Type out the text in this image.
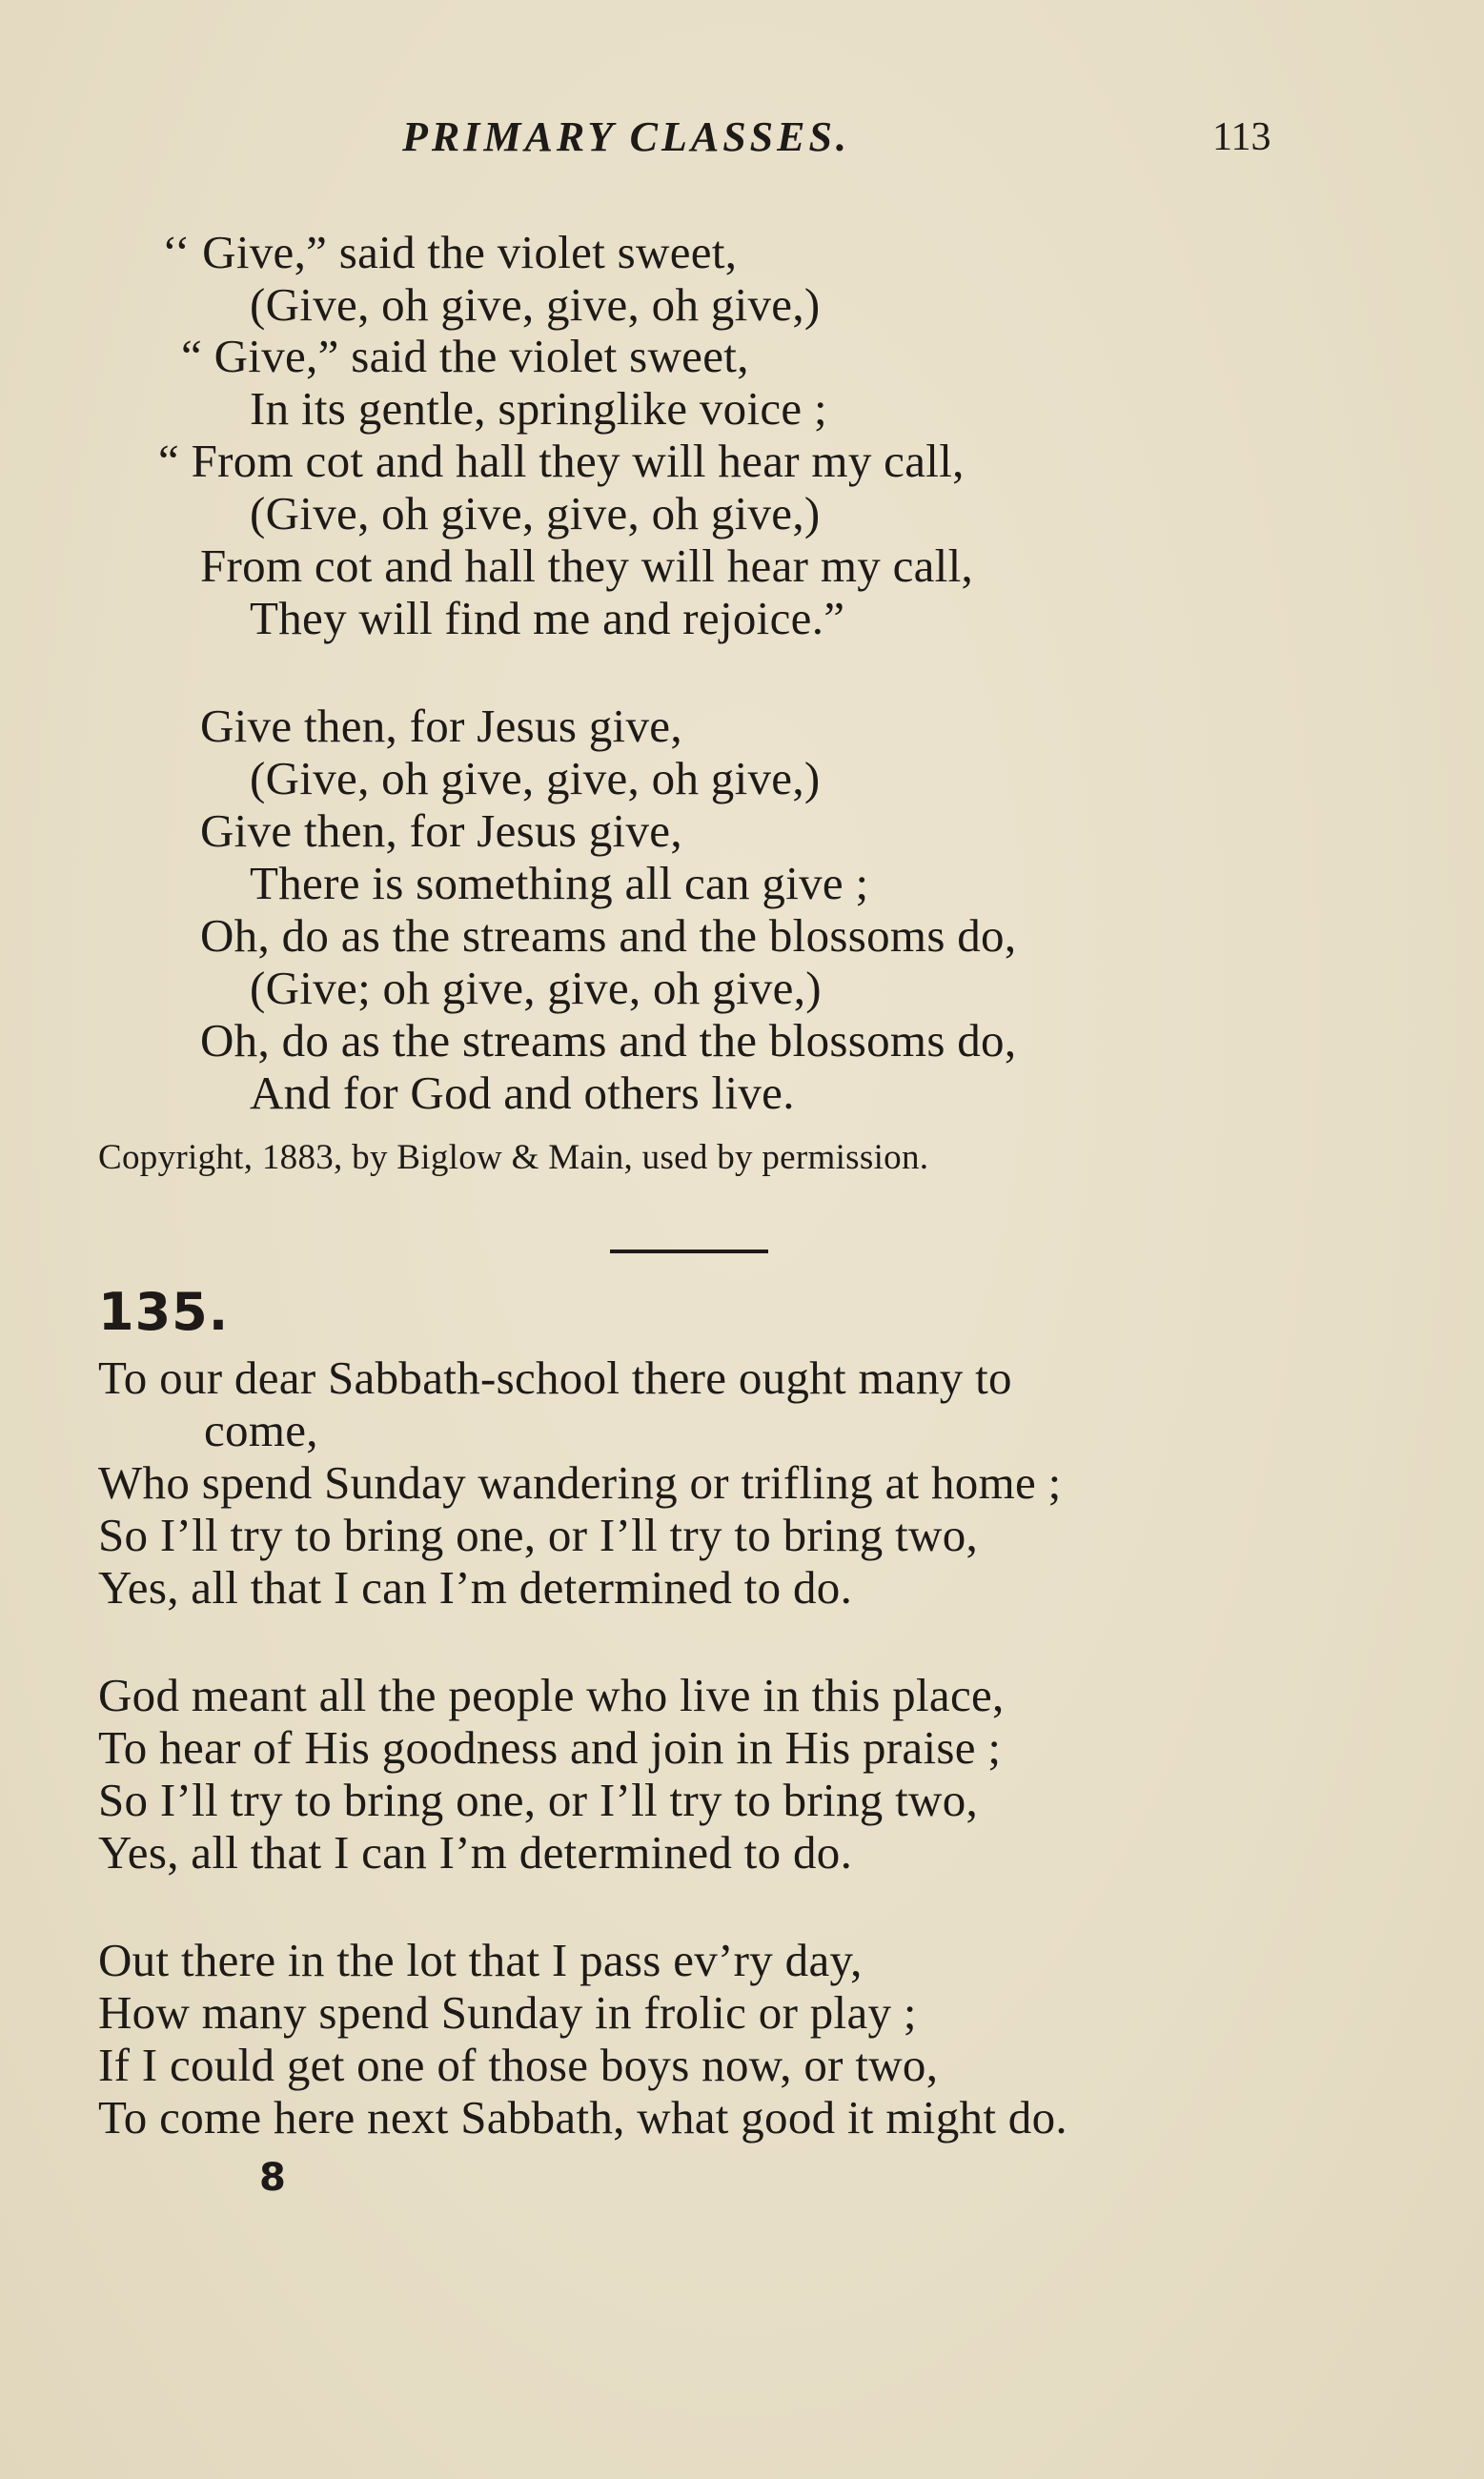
PRIMARY CLASSES.	113
‘‘ Give,” said the violet sweet,
(Give, oh give, give, oh give,)
“ Give,” said the violet sweet,
In its gentle, springlike voice ;
“ From cot and hall they will hear my call,
(Give, oh give, give, oh give,)
From cot and hall they will hear my call,
They will find me and rejoice.”
Give then, for Jesus give,
(Give, oh give, give, oh give,)
Give then, for Jesus give,
There is something all can give ;
Oh, do as the streams and the blossoms do,
(Give; oh give, give, oh give,)
Oh, do as the streams and the blossoms do,
And for God and others live.
Copyright, 1883, by Biglow & Main, used by permission.
135.
To our dear Sabbath-school there ought many to
come,
Who spend Sunday wandering or trifling at home ;
So I’ll try to bring one, or I’ll try to bring two,
Yes, all that I can I’m determined to do.
God meant all the people who live in this place,
To hear of His goodness and join in His praise ;
So I’ll try to bring one, or I’ll try to bring two,
Yes, all that I can I’m determined to do.
Out there in the lot that I pass ev’ry day,
How many spend Sunday in frolic or play ;
If I could get one of those boys now, or two,
To come here next Sabbath, what good it might do.
8
